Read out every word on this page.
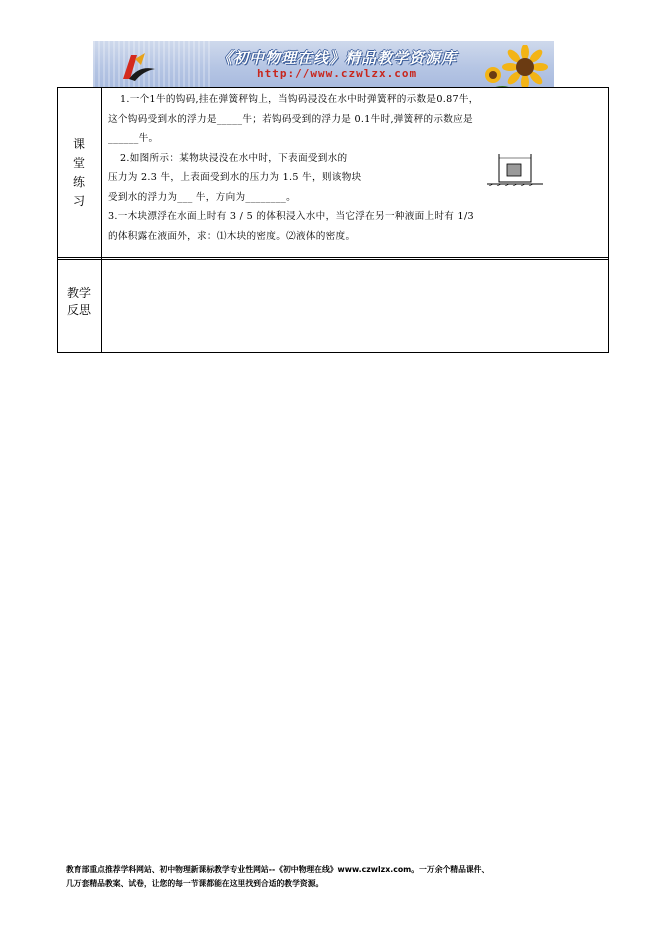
《初中物理在线》精品教学资源库
http://www.czwlzx.com
课
堂
练
习
教学
反思

1.一个1牛的钩码,挂在弹簧秤钩上，当钩码浸没在水中时弹簧秤的示数是0.87牛，

这个钩码受到水的浮力是_____牛；若钩码受到的浮力是 0.1牛时,弹簧秤的示数应是

______牛。

2.如图所示：某物块浸没在水中时，下表面受到水的

压力为 2.3 牛，上表面受到水的压力为 1.5 牛，则该物块

受到水的浮力为___ 牛，方向为________。

3.一木块漂浮在水面上时有 3 / 5 的体积浸入水中，当它浮在另一种液面上时有 1/3

的体积露在液面外，求：⑴木块的密度。⑵液体的密度。

教育部重点推荐学科网站、初中物理新课标教学专业性网站--《初中物理在线》www.czwlzx.com。一万余个精品课件、

几万套精品教案、试卷，让您的每一节课都能在这里找到合适的教学资源。
